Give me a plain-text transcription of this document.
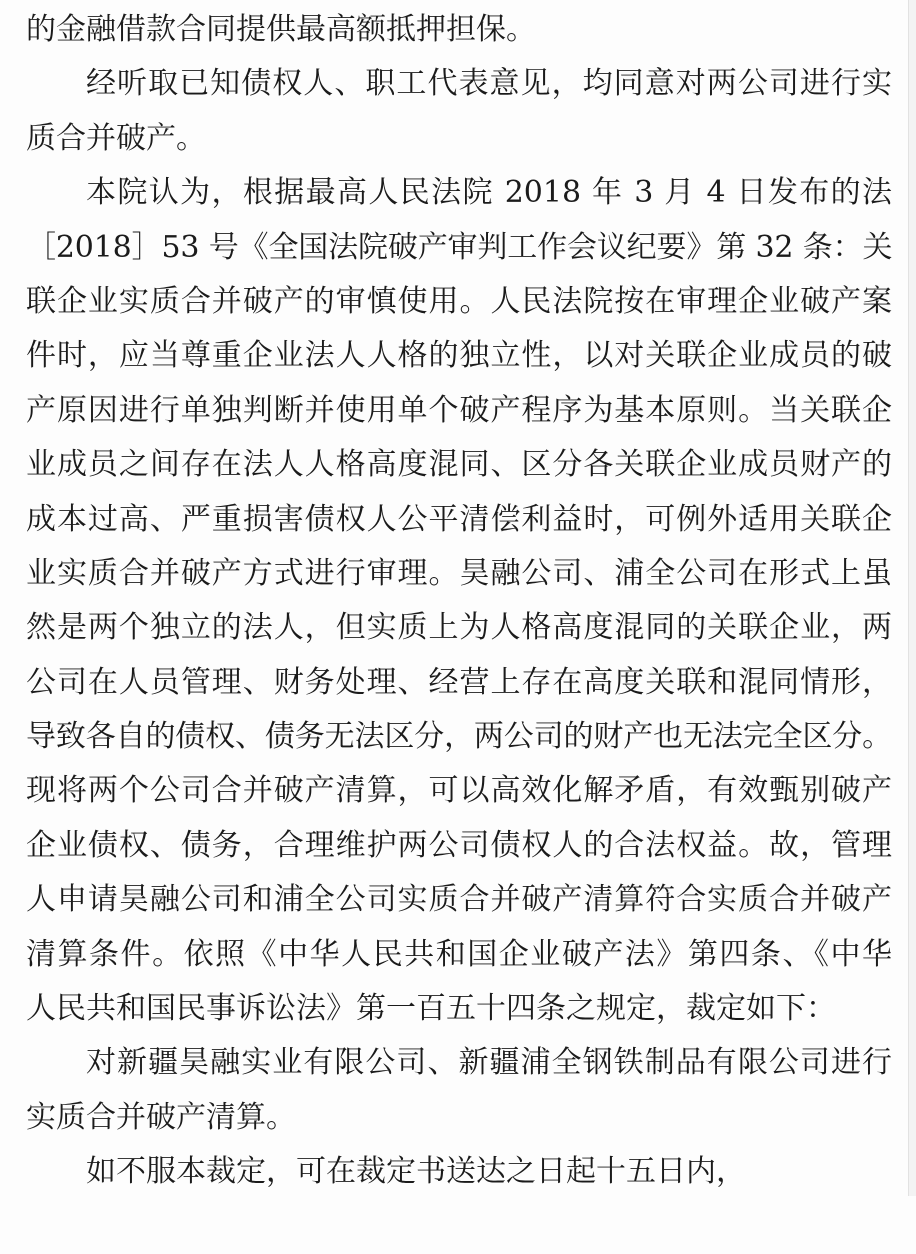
的金融借款合同提供最高额抵押担保。
经听取已知债权人、职工代表意见，均同意对两公司进行实
质合并破产。
本院认为，根据最高人民法院 2018 年 3 月 4 日发布的法
［2018］53 号《全国法院破产审判工作会议纪要》第 32 条：关
联企业实质合并破产的审慎使用。人民法院按在审理企业破产案
件时，应当尊重企业法人人格的独立性，以对关联企业成员的破
产原因进行单独判断并使用单个破产程序为基本原则。当关联企
业成员之间存在法人人格高度混同、区分各关联企业成员财产的
成本过高、严重损害债权人公平清偿利益时，可例外适用关联企
业实质合并破产方式进行审理。昊融公司、浦全公司在形式上虽
然是两个独立的法人，但实质上为人格高度混同的关联企业，两
公司在人员管理、财务处理、经营上存在高度关联和混同情形，
导致各自的债权、债务无法区分，两公司的财产也无法完全区分。
现将两个公司合并破产清算，可以高效化解矛盾，有效甄别破产
企业债权、债务，合理维护两公司债权人的合法权益。故，管理
人申请昊融公司和浦全公司实质合并破产清算符合实质合并破产
清算条件。依照《中华人民共和国企业破产法》第四条、《中华
人民共和国民事诉讼法》第一百五十四条之规定，裁定如下：
对新疆昊融实业有限公司、新疆浦全钢铁制品有限公司进行
实质合并破产清算。
如不服本裁定，可在裁定书送达之日起十五日内，
